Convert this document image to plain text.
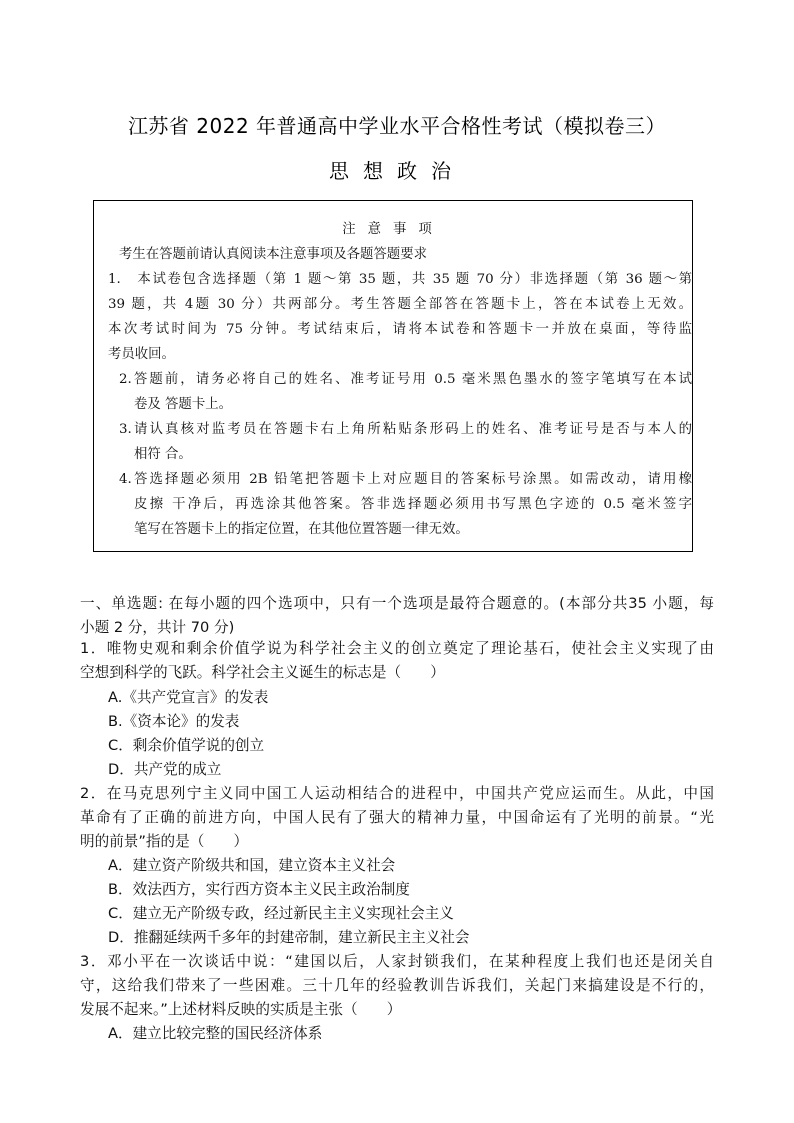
江苏省 2022 年普通高中学业水平合格性考试（模拟卷三）
思想政治
注意事项
考生在答题前请认真阅读本注意事项及各题答题要求
1.　本试卷包含选择题（第 1 题～第 35 题，共 35 题 70 分）非选择题（第 36 题～第
39 题，共 4题 30 分）共两部分。考生答题全部答在答题卡上，答在本试卷上无效。
本次考试时间为 75 分钟。考试结束后，请将本试卷和答题卡一并放在桌面，等待监
考员收回。
2.答题前，请务必将自己的姓名、准考证号用 0.5 毫米黑色墨水的签字笔填写在本试
卷及 答题卡上。
3.请认真核对监考员在答题卡右上角所粘贴条形码上的姓名、准考证号是否与本人的
相符 合。
4.答选择题必须用 2B 铅笔把答题卡上对应题目的答案标号涂黑。如需改动，请用橡
皮擦 干净后，再选涂其他答案。答非选择题必须用书写黑色字迹的 0.5 毫米签字
笔写在答题卡上的指定位置，在其他位置答题一律无效。
一、单选题: 在每小题的四个选项中，只有一个选项是最符合题意的。(本部分共35 小题，每
小题 2 分，共计 70 分)
1．唯物史观和剩余价值学说为科学社会主义的创立奠定了理论基石，使社会主义实现了由
空想到科学的飞跃。科学社会主义诞生的标志是（　　）
A.《共产党宣言》的发表
B.《资本论》的发表
C．剩余价值学说的创立
D．共产党的成立
2．在马克思列宁主义同中国工人运动相结合的进程中，中国共产党应运而生。从此，中国
革命有了正确的前进方向，中国人民有了强大的精神力量，中国命运有了光明的前景。“光
明的前景”指的是（　　）
A．建立资产阶级共和国，建立资本主义社会
B．效法西方，实行西方资本主义民主政治制度
C．建立无产阶级专政，经过新民主主义实现社会主义
D．推翻延续两千多年的封建帝制，建立新民主主义社会
3．邓小平在一次谈话中说：“建国以后，人家封锁我们，在某种程度上我们也还是闭关自
守，这给我们带来了一些困难。三十几年的经验教训告诉我们，关起门来搞建设是不行的，
发展不起来。”上述材料反映的实质是主张（　　）
A．建立比较完整的国民经济体系
